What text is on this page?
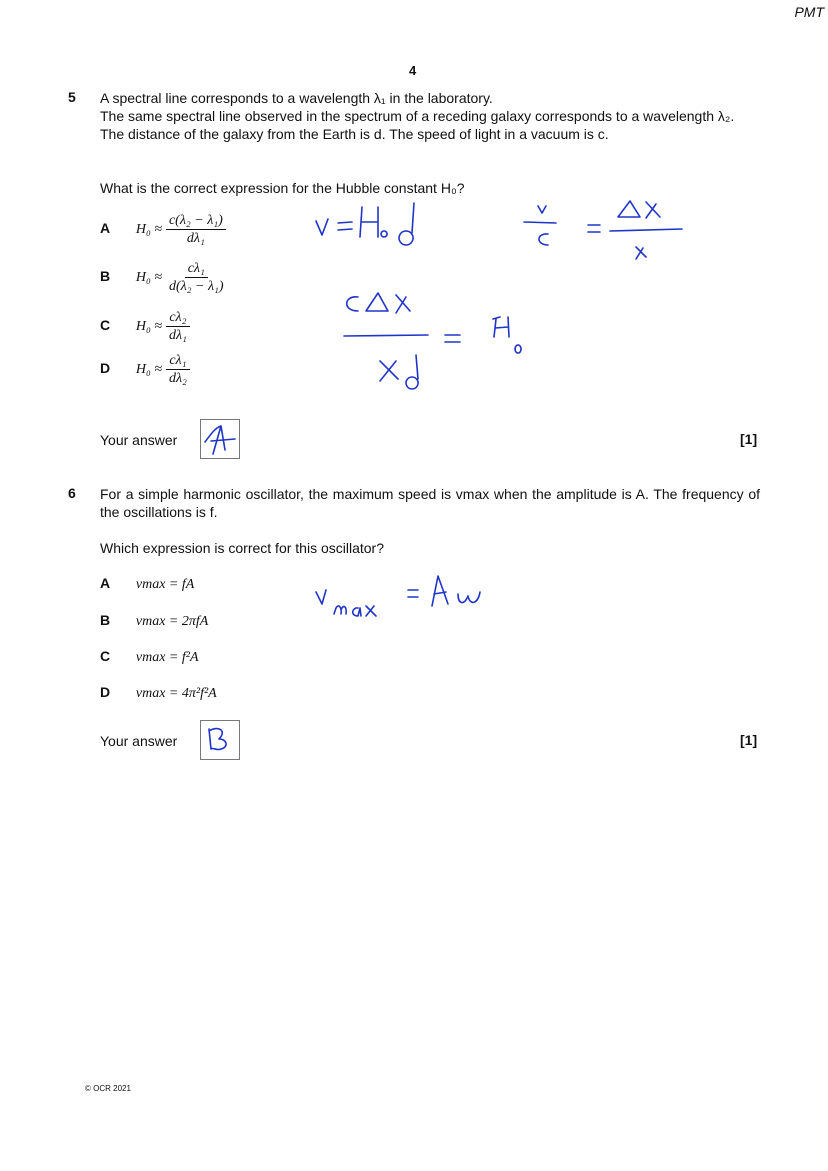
PMT
4
5 A spectral line corresponds to a wavelength λ₁ in the laboratory.
The same spectral line observed in the spectrum of a receding galaxy corresponds to a wavelength λ₂.
The distance of the galaxy from the Earth is d. The speed of light in a vacuum is c.
What is the correct expression for the Hubble constant H₀?
A $H_0 \approx \frac{\text{c(λ₂ − λ₁)}}{\text{dλ₁}}$
B $H_0 \approx \frac{\text{cλ₁}}{\text{d(λ₂ − λ₁)}}$
C $H_0 \approx \frac{\text{cλ₂}}{\text{dλ₁}}$
D $H_0 \approx \frac{\text{cλ₁}}{\text{dλ₂}}$
Your answer	[1]
6 For a simple harmonic oscillator, the maximum speed is vmax when the amplitude is A. The frequency of the oscillations is f.
Which expression is correct for this oscillator?
A vmax = fA
B vmax = 2πfA
C vmax = f²A
D vmax = 4π²f²A
Your answer	[1]
© OCR 2021
